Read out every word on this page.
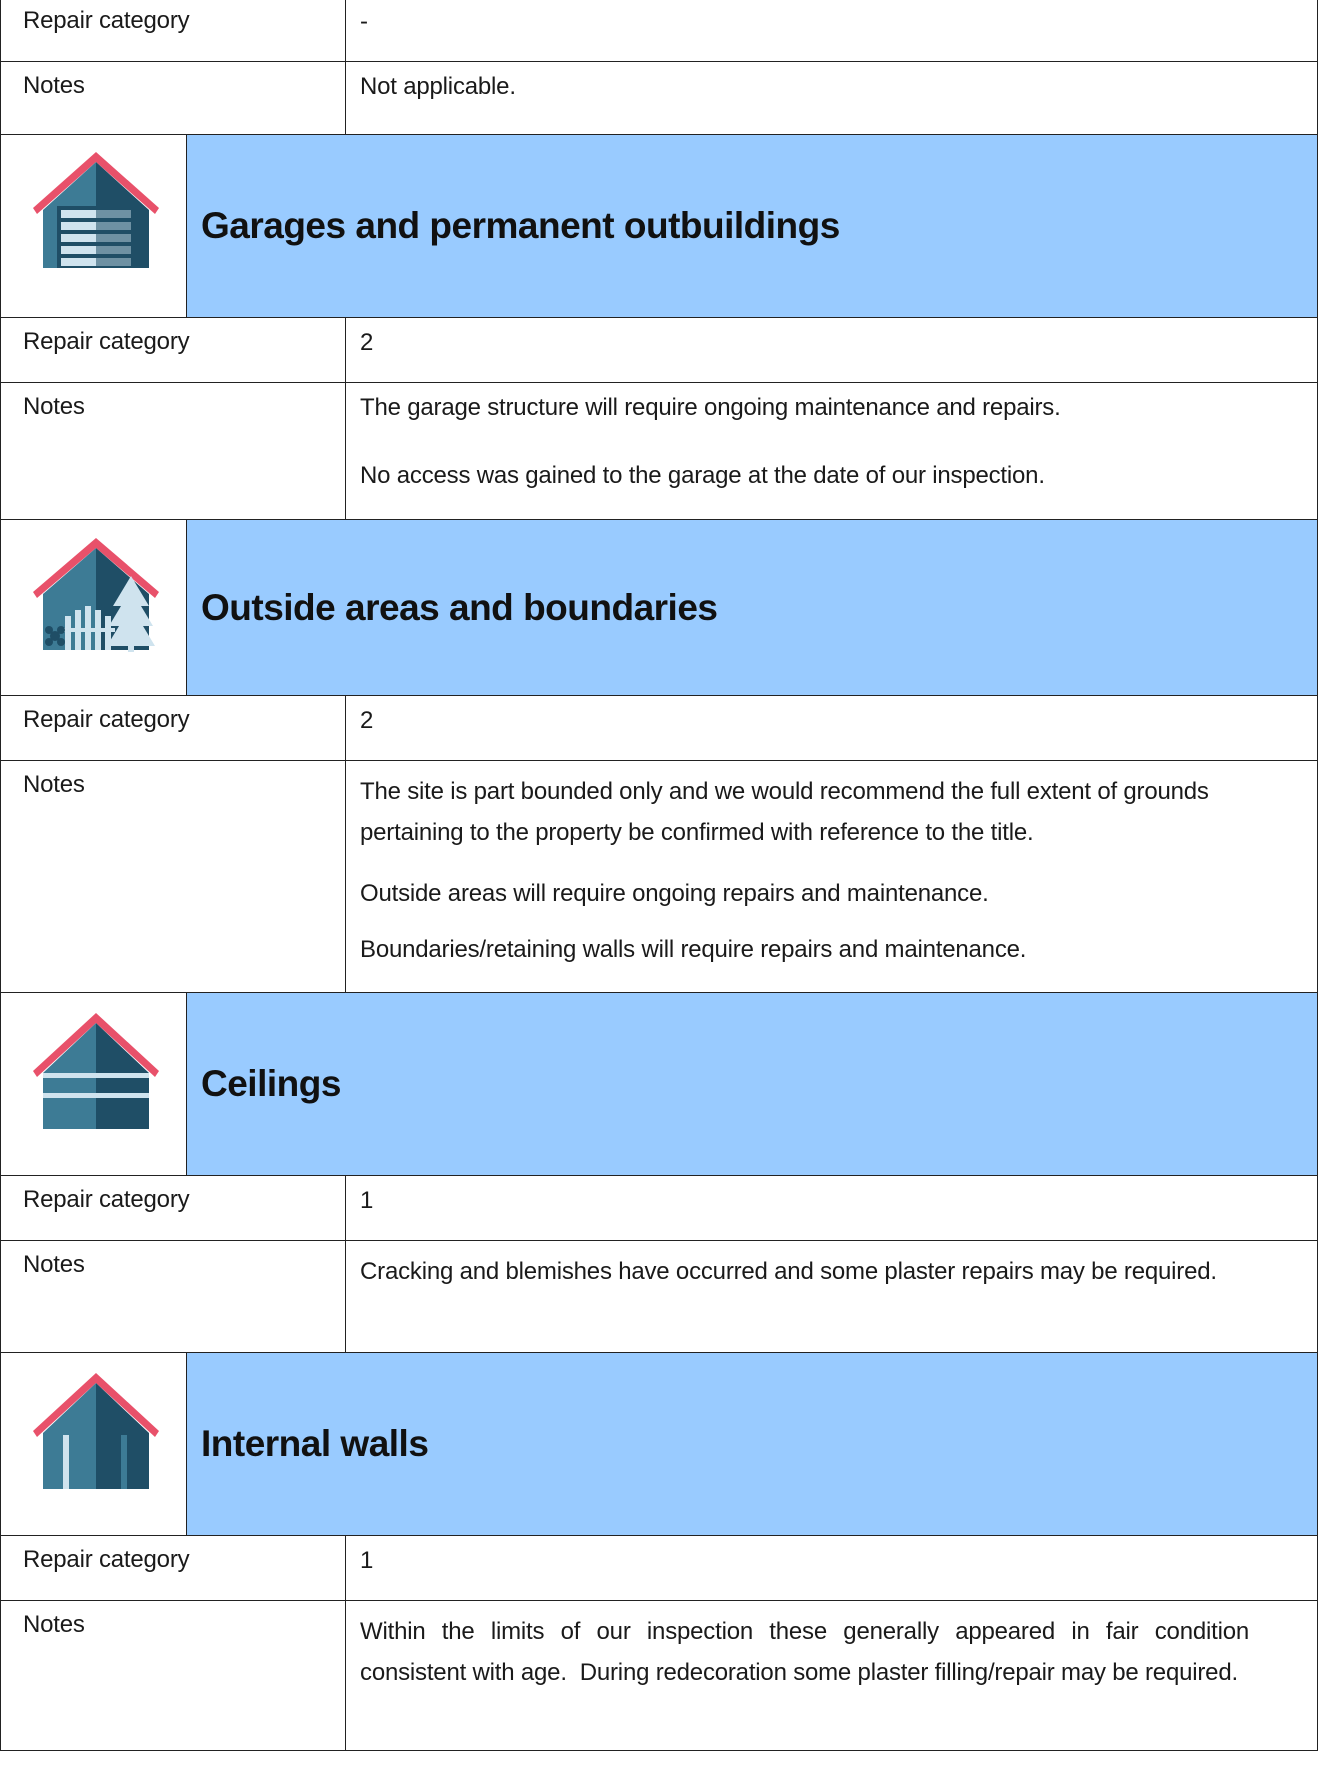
Repair category		-
Notes		Not applicable.

	Garages and permanent outbuildings	
Repair category		2
Notes		The garage structure will require ongoing maintenance and repairs.

No access was gained to the garage at the date of our inspection.

	Outside areas and boundaries	
Repair category		2
Notes		The site is part bounded only and we would recommend the full extent of grounds pertaining to the property be confirmed with reference to the title.

Outside areas will require ongoing repairs and maintenance.

Boundaries/retaining walls will require repairs and maintenance.

	Ceilings	
Repair category		1
Notes		Cracking and blemishes have occurred and some plaster repairs may be required.

	Internal walls	
Repair category		1
Notes		Within the limits of our inspection these generally appeared in fair condition consistent with age.  During redecoration some plaster filling/repair may be required.
